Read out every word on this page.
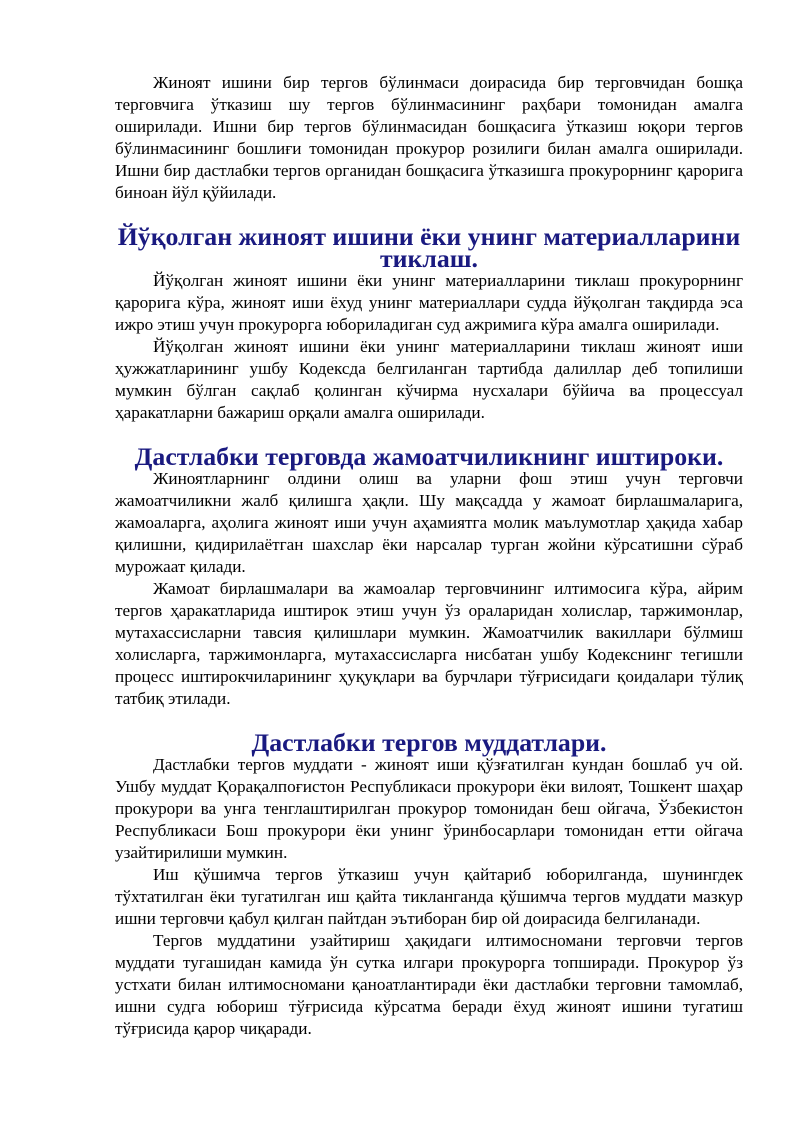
Жиноят ишини бир тергов бўлинмаси доирасида бир терговчидан бошқа терговчига ўтказиш шу тергов бўлинмасининг раҳбари томонидан амалга оширилади. Ишни бир тергов бўлинмасидан бошқасига ўтказиш юқори тергов бўлинмасининг бошлиғи томонидан прокурор розилиги билан амалга оширилади. Ишни бир дастлабки тергов органидан бошқасига ўтказишга прокурорнинг қарорига биноан йўл қўйилади.

Йўқолган жиноят ишини ёки унинг материалларини тиклаш.

Йўқолган жиноят ишини ёки унинг материалларини тиклаш прокурорнинг қарорига кўра, жиноят иши ёхуд унинг материаллари судда йўқолган тақдирда эса ижро этиш учун прокурорга юбориладиган суд ажримига кўра амалга оширилади.

Йўқолган жиноят ишини ёки унинг материалларини тиклаш жиноят иши ҳужжатларининг ушбу Кодексда белгиланган тартибда далиллар деб топилиши мумкин бўлган сақлаб қолинган кўчирма нусхалари бўйича ва процессуал ҳаракатларни бажариш орқали амалга оширилади.

Дастлабки терговда жамоатчиликнинг иштироки.

Жиноятларнинг олдини олиш ва уларни фош этиш учун терговчи жамоатчиликни жалб қилишга ҳақли. Шу мақсадда у жамоат бирлашмаларига, жамоаларга, аҳолига жиноят иши учун аҳамиятга молик маълумотлар ҳақида хабар қилишни, қидирилаётган шахслар ёки нарсалар турган жойни кўрсатишни сўраб мурожаат қилади.

Жамоат бирлашмалари ва жамоалар терговчининг илтимосига кўра, айрим тергов ҳаракатларида иштирок этиш учун ўз ораларидан холислар, таржимонлар, мутахассисларни тавсия қилишлари мумкин. Жамоатчилик вакиллари бўлмиш холисларга, таржимонларга, мутахассисларга нисбатан ушбу Кодекснинг тегишли процесс иштирокчиларининг ҳуқуқлари ва бурчлари тўғрисидаги қоидалари тўлиқ татбиқ этилади.

Дастлабки тергов муддатлари.

Дастлабки тергов муддати - жиноят иши қўзғатилган кундан бошлаб уч ой. Ушбу муддат Қорақалпоғистон Республикаси прокурори ёки вилоят, Тошкент шаҳар прокурори ва унга тенглаштирилган прокурор томонидан беш ойгача, Ўзбекистон Республикаси Бош прокурори ёки унинг ўринбосарлари томонидан етти ойгача узайтирилиши мумкин.

Иш қўшимча тергов ўтказиш учун қайтариб юборилганда, шунингдек тўхтатилган ёки тугатилган иш қайта тикланганда қўшимча тергов муддати мазкур ишни терговчи қабул қилган пайтдан эътиборан бир ой доирасида белгиланади.

Тергов муддатини узайтириш ҳақидаги илтимосномани терговчи тергов муддати тугашидан камида ўн сутка илгари прокурорга топширади. Прокурор ўз устхати билан илтимосномани қаноатлантиради ёки дастлабки терговни тамомлаб, ишни судга юбориш тўғрисида кўрсатма беради ёхуд жиноят ишини тугатиш тўғрисида қарор чиқаради.
